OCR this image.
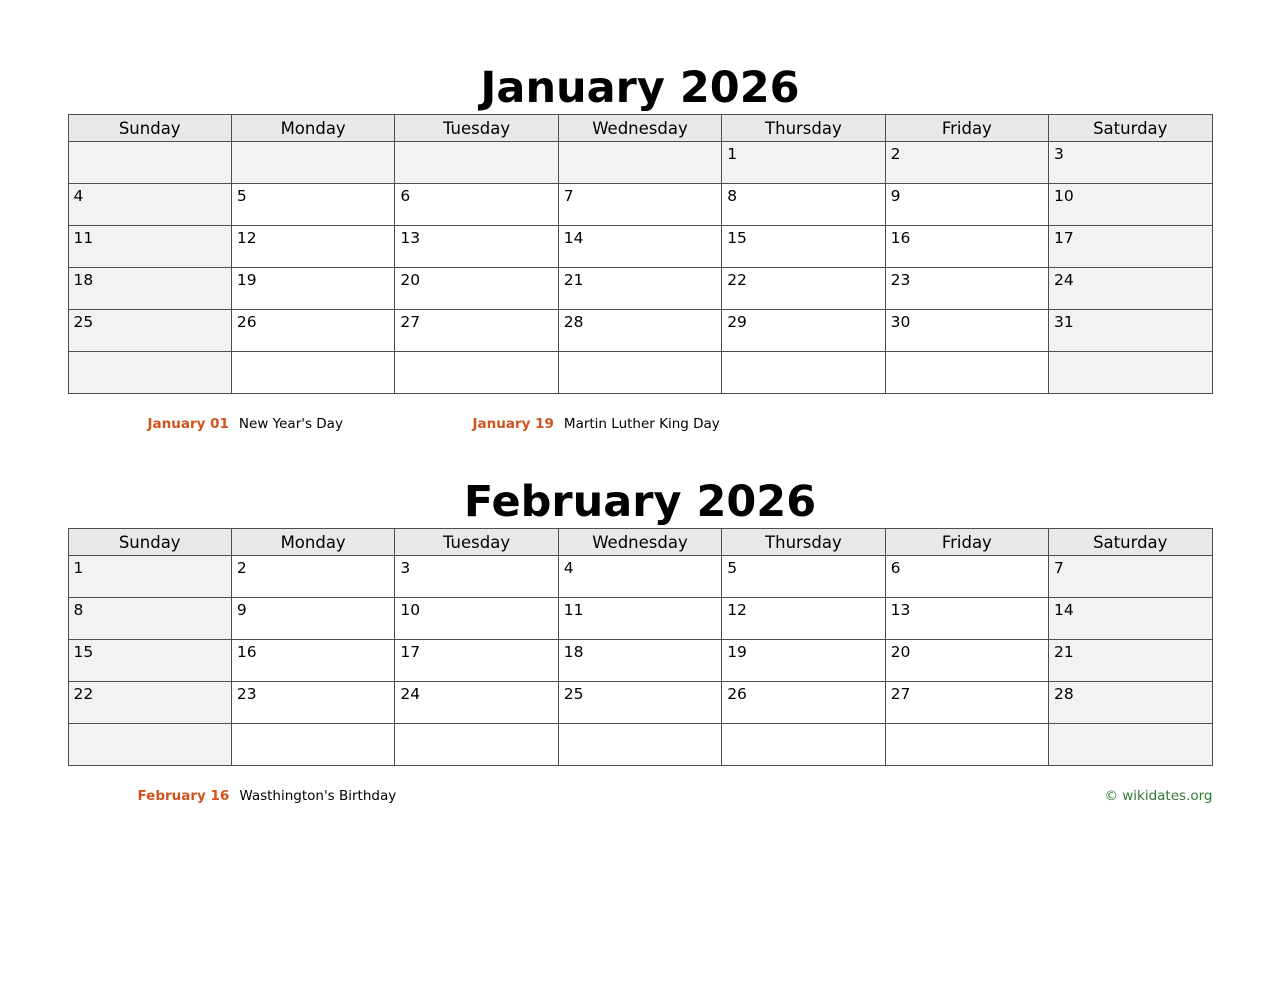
January 2026
Sunday	Monday	Tuesday	Wednesday	Thursday	Friday	Saturday
				1	2	3
4	5	6	7	8	9	10
11	12	13	14	15	16	17
18	19	20	21	22	23	24
25	26	27	28	29	30	31

January 01 New Year's Day	January 19 Martin Luther King Day
February 2026
Sunday	Monday	Tuesday	Wednesday	Thursday	Friday	Saturday
1	2	3	4	5	6	7
8	9	10	11	12	13	14
15	16	17	18	19	20	21
22	23	24	25	26	27	28

February 16 Wasthington's Birthday	© wikidates.org
